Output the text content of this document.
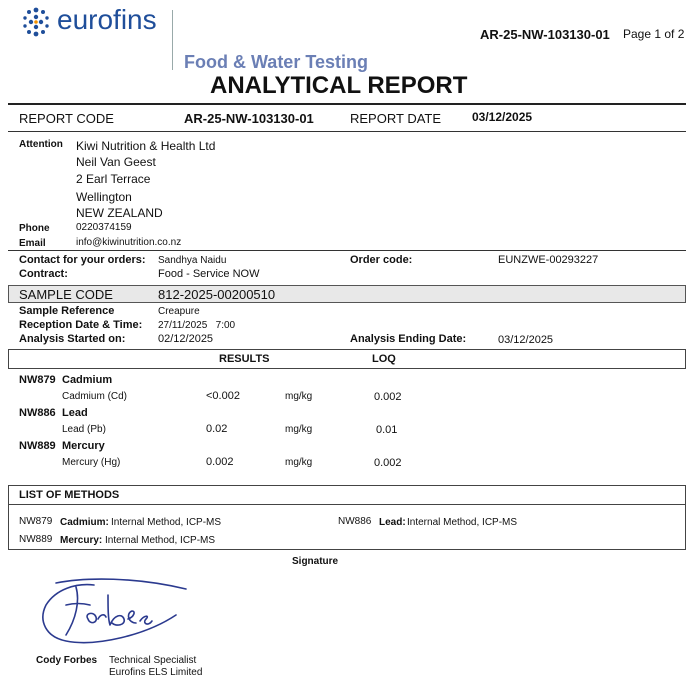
eurofins	AR-25-NW-103130-01 Page 1 of 2
Food & Water Testing
ANALYTICAL REPORT
REPORT CODE	AR-25-NW-103130-01	REPORT DATE	03/12/2025
Attention Kiwi Nutrition & Health Ltd
Neil Van Geest
2 Earl Terrace
Wellington
NEW ZEALAND
Phone	0220374159
Email	info@kiwinutrition.co.nz
Contact for your orders: Sandhya Naidu
Contract:	Food - Service NOW
Order code:	EUNZWE-00293227
SAMPLE CODE	812-2025-00200510
Sample Reference	Creapure
Reception Date & Time: 27/11/2025   7:00
Analysis Started on:	02/12/2025	Analysis Ending Date:	03/12/2025
RESULTS	LOQ
NW879 Cadmium
Cadmium (Cd)	<0.002	mg/kg	0.002
NW886 Lead
Lead (Pb)	0.02	mg/kg	0.01
NW889 Mercury
Mercury (Hg)	0.002	mg/kg	0.002
LIST OF METHODS
NW879 Cadmium: Internal Method, ICP-MS	NW886 Lead: Internal Method, ICP-MS
NW889 Mercury: Internal Method, ICP-MS
Signature
Cody Forbes Technical Specialist
Eurofins ELS Limited
